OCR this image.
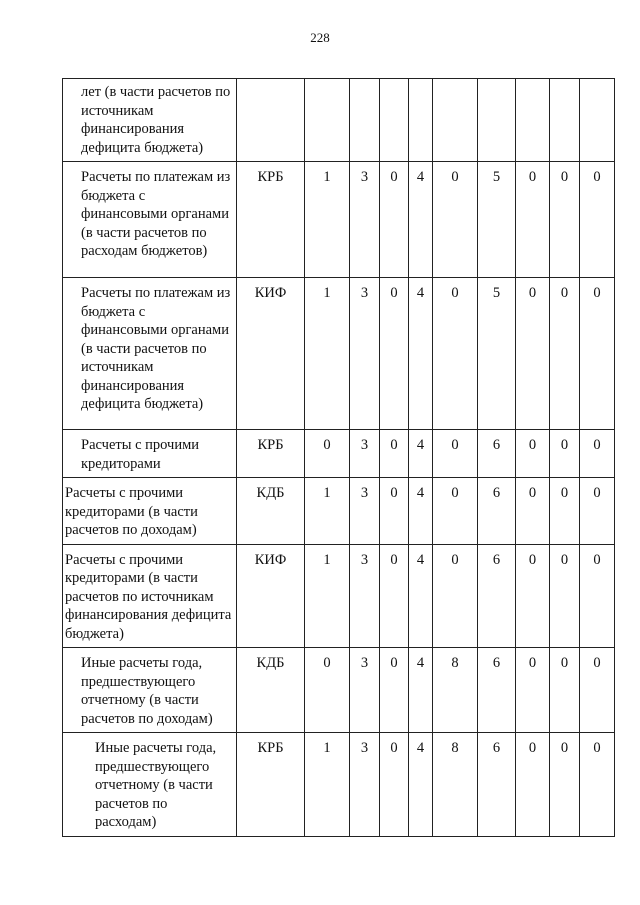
228
лет (в части расчетов по источникам финансирования дефицита бюджета)										
Расчеты по платежам из бюджета с финансовыми органами (в части расчетов по расходам бюджетов)	КРБ	1	3	0	4	0	5	0	0	0
Расчеты по платежам из бюджета с финансовыми органами (в части расчетов по источникам финансирования дефицита бюджета)	КИФ	1	3	0	4	0	5	0	0	0
Расчеты с прочими кредиторами	КРБ	0	3	0	4	0	6	0	0	0
Расчеты с прочими кредиторами (в части расчетов по доходам)	КДБ	1	3	0	4	0	6	0	0	0
Расчеты с прочими кредиторами (в части расчетов по источникам финансирования дефицита бюджета)	КИФ	1	3	0	4	0	6	0	0	0
Иные расчеты года, предшествующего отчетному (в части расчетов по доходам)	КДБ	0	3	0	4	8	6	0	0	0
Иные расчеты года, предшествующего отчетному (в части расчетов по расходам)	КРБ	1	3	0	4	8	6	0	0	0
